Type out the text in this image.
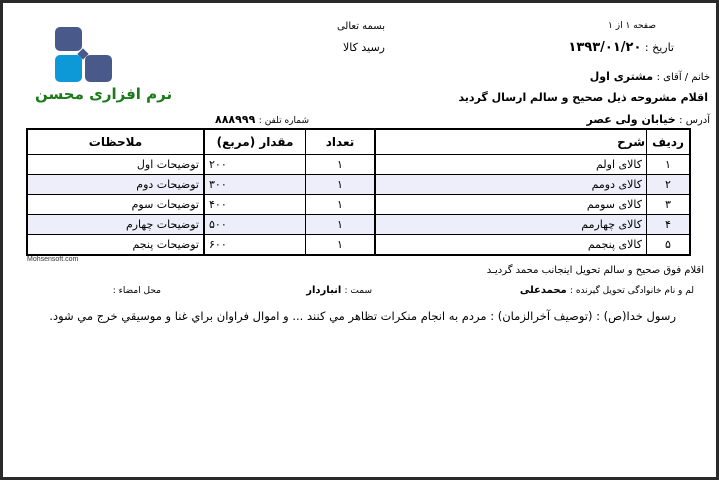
نرم افزاری محسن
بسمه تعالی
رسید کالا
صفحه ۱ از ۱
تاریخ : ۱۳۹۳/۰۱/۲۰
خانم / آقای : مشتری اول
اقلام مشروحه ذیل صحیح و سالم ارسال گردید
آدرس : خیابان ولی عصر
شماره تلفن : ۸۸۸۹۹۹
ردیف	شرح	تعداد	مقدار (مربع)	ملاحظات
۱	کالای اولم	۱	۲۰۰	توضیحات اول
۲	کالای دومم	۱	۳۰۰	توضیحات دوم
۳	کالای سومم	۱	۴۰۰	توضیحات سوم
۴	کالای چهارمم	۱	۵۰۰	توضیحات چهارم
۵	کالای پنجمم	۱	۶۰۰	توضیحات پنجم
Mohsensoft.com
اقلام فوق صحیح و سالم تحویل اینجانب محمد گردیـد
لم و نام خانوادگی تحویل گیرنده : محمدعلی
سمت : انباردار
محل امضاء :
رسول خدا(ص) : (توصیف آخرالزمان) : مردم به انجام منکرات تظاهر مي کنند ... و اموال فراوان براي غنا و موسيقي خرج مي شود.
